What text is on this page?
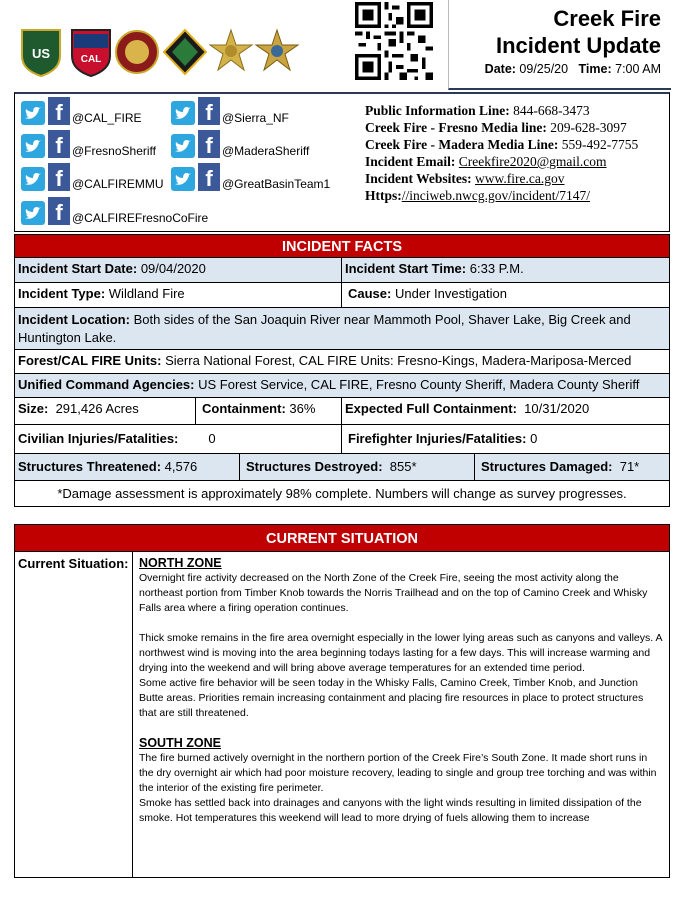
US	CAL
Creek Fire
Incident Update
Date: 09/25/20 Time: 7:00 AM
f @CAL_FIRE	f @Sierra_NF
f @FresnoSheriff	f @MaderaSheriff
f @CALFIREMMU	f @GreatBasinTeam1
f @CALFIREFresnoCoFire
Public Information Line: 844-668-3473
Creek Fire - Fresno Media line: 209-628-3097
Creek Fire - Madera Media Line: 559-492-7755
Incident Email: Creekfire2020@gmail.com
Incident Websites: www.fire.ca.gov
Https://inciweb.nwcg.gov/incident/7147/
INCIDENT FACTS
Incident Start Date: 09/04/2020	Incident Start Time: 6:33 P.M.
Incident Type: Wildland Fire	Cause: Under Investigation
Incident Location: Both sides of the San Joaquin River near Mammoth Pool, Shaver Lake, Big Creek and Huntington Lake.
Forest/CAL FIRE Units: Sierra National Forest, CAL FIRE Units: Fresno-Kings, Madera-Mariposa-Merced
Unified Command Agencies: US Forest Service, CAL FIRE, Fresno County Sheriff, Madera County Sheriff
Size: 291,426 Acres	Containment: 36%	Expected Full Containment: 10/31/2020
Civilian Injuries/Fatalities: 0	Firefighter Injuries/Fatalities: 0
Structures Threatened: 4,576	Structures Destroyed: 855*	Structures Damaged: 71*
*Damage assessment is approximately 98% complete. Numbers will change as survey progresses.
CURRENT SITUATION
Current Situation: NORTH ZONE

Overnight fire activity decreased on the North Zone of the Creek Fire, seeing the most activity along the northeast portion from Timber Knob towards the Norris Trailhead and on the top of Camino Creek and Whisky Falls area where a firing operation continues.

Thick smoke remains in the fire area overnight especially in the lower lying areas such as canyons and valleys. A northwest wind is moving into the area beginning todays lasting for a few days. This will increase warming and drying into the weekend and will bring above average temperatures for an extended time period.

Some active fire behavior will be seen today in the Whisky Falls, Camino Creek, Timber Knob, and Junction Butte areas. Priorities remain increasing containment and placing fire resources in place to protect structures that are still threatened.

SOUTH ZONE

The fire burned actively overnight in the northern portion of the Creek Fire’s South Zone. It made short runs in the dry overnight air which had poor moisture recovery, leading to single and group tree torching and was within the interior of the existing fire perimeter.

Smoke has settled back into drainages and canyons with the light winds resulting in limited dissipation of the smoke. Hot temperatures this weekend will lead to more drying of fuels allowing them to increase
